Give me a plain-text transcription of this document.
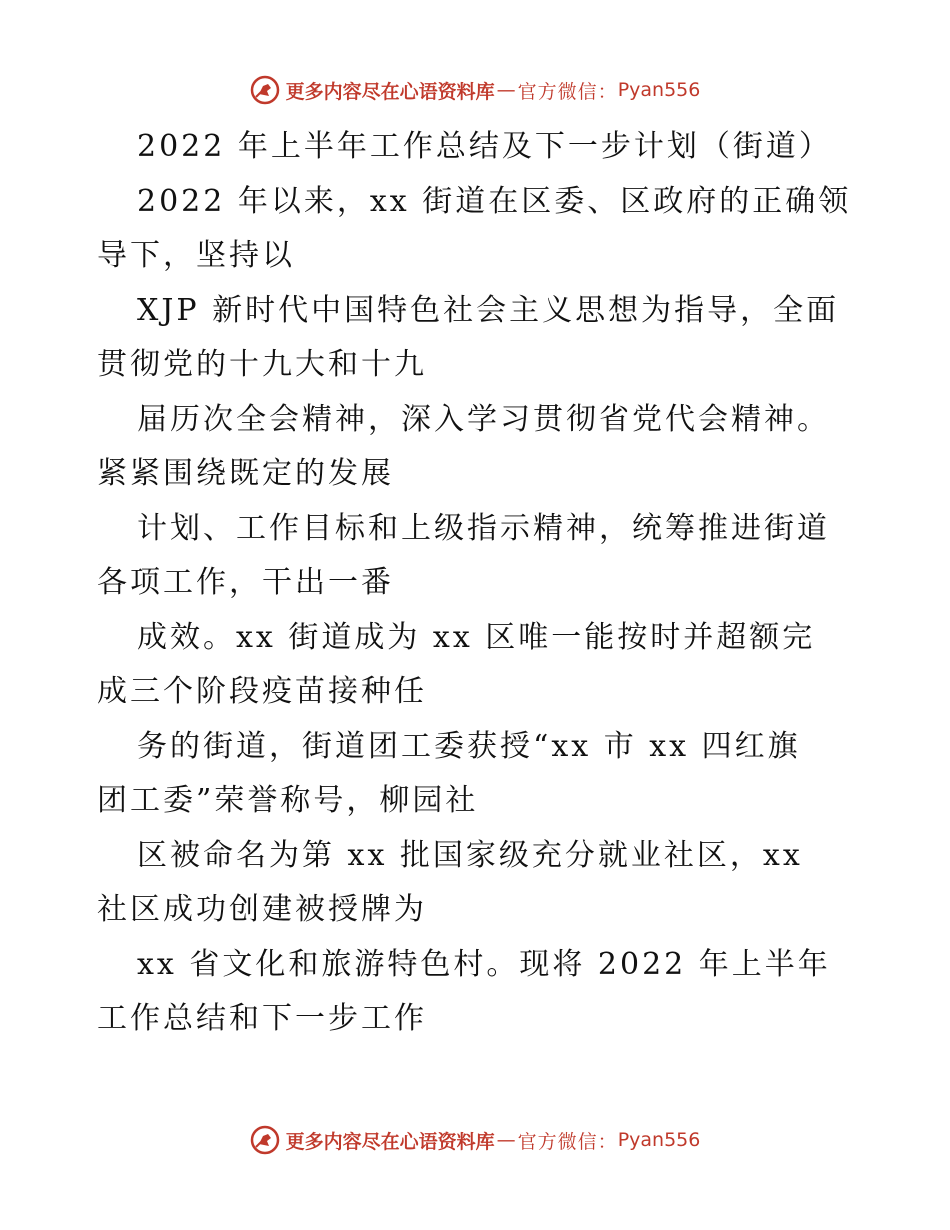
更多内容尽在心语资料库 — 官方微信： Pyan556
2022 年上半年工作总结及下一步计划（街道）
2022 年以来，xx 街道在区委、区政府的正确领
导下，坚持以
XJP 新时代中国特色社会主义思想为指导，全面
贯彻党的十九大和十九
届历次全会精神，深入学习贯彻省党代会精神。
紧紧围绕既定的发展
计划、工作目标和上级指示精神，统筹推进街道
各项工作，干出一番
成效。xx 街道成为 xx 区唯一能按时并超额完
成三个阶段疫苗接种任
务的街道，街道团工委获授“xx 市 xx 四红旗
团工委”荣誉称号，柳园社
区被命名为第 xx 批国家级充分就业社区，xx
社区成功创建被授牌为
xx 省文化和旅游特色村。现将 2022 年上半年
工作总结和下一步工作
更多内容尽在心语资料库 — 官方微信： Pyan556
